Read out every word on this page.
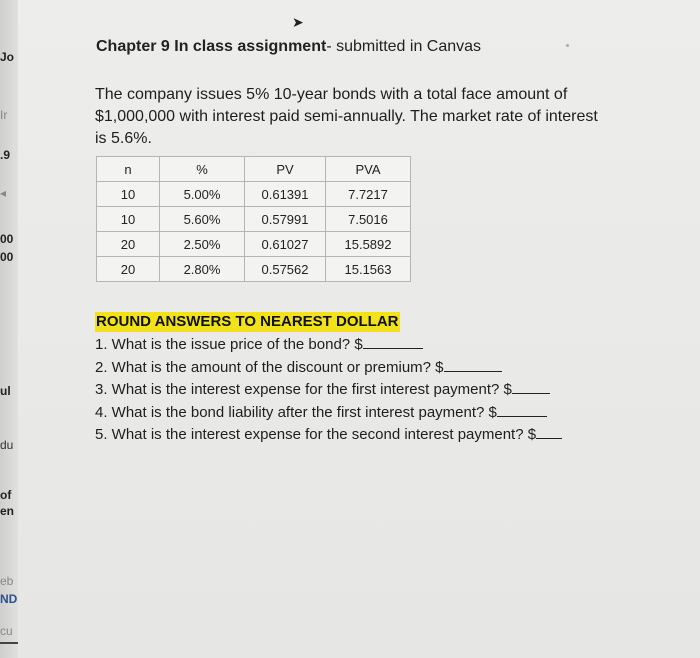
Jo
Ir
.9
◂
00
00
ul
du
of
en
eb
ND
cu
➤
Chapter 9 In class assignment- submitted in Canvas
The company issues 5% 10-year bonds with a total face amount of $1,000,000 with interest paid semi-annually. The market rate of interest is 5.6%.
n	%	PV	PVA
10	5.00%	0.61391	7.7217
10	5.60%	0.57991	7.5016
20	2.50%	0.61027	15.5892
20	2.80%	0.57562	15.1563
ROUND ANSWERS TO NEAREST DOLLAR
1. What is the issue price of the bond? $
2. What is the amount of the discount or premium? $
3. What is the interest expense for the first interest payment? $
4. What is the bond liability after the first interest payment? $
5. What is the interest expense for the second interest payment? $
